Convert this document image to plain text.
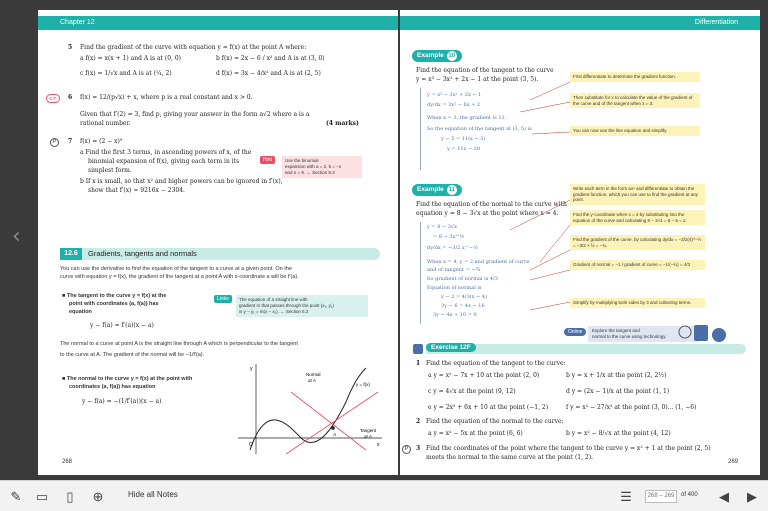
‹
Chapter 12
5 Find the gradient of the curve with equation y = f(x) at the point A where:
a f(x) = x(x + 1) and A is at (0, 0)	b f(x) = 2x − 6 / x² and A is at (3, 0)
c f(x) = 1/√x and A is at (¼, 2)	d f(x) = 3x − 4/x² and A is at (2, 5)
E/P	6 f(x) = 12/(p√x) + x, where p is a real constant and x > 0.
Given that f′(2) = 3, find p, giving your answer in the form a√2 where a is a
rational number.	(4 marks)
P	7 f(x) = (2 − x)⁹
a Find the first 3 terms, in ascending powers of x, of the
binomial expansion of f(x), giving each term in its
simplest form.
b If x is small, so that x² and higher powers can be ignored in f′(x),
show that f′(x) ≈ 9216x − 2304.
Hint	Use the binomial
expansion with a = 2, b = −x
and n = 9. ← Section 8.3
12.6	Gradients, tangents and normals
You can use the derivative to find the equation of the tangent to a curve at a given point. On the
curve with equation y = f(x), the gradient of the tangent at a point A with x-coordinate a will be f′(a).
■ The tangent to the curve y = f(x) at the
point with coordinates (a, f(a)) has
equation
y − f(a) = f′(a)(x − a)
Links	The equation of a straight line with
gradient m that passes through the point (x₁, y₁)
is y − y₁ = m(x − x₁). ← Section 5.2
The normal to a curve at point A is the straight line through A which is perpendicular to the tangent
to the curve at A. The gradient of the normal will be −1/f′(a).
■ The normal to the curve y = f(x) at the point with
coordinates (a, f(a)) has equation
y − f(a) = −(1/f′(a))(x − a)
y
x
O
y = f(x)
Normal
at A
Tangent
at A
A
268
Differentiation
Example 10
Find the equation of the tangent to the curve
y = x³ − 3x² + 2x − 1 at the point (3, 5).
y = x³ − 3x² + 2x − 1
dy/dx = 3x² − 6x + 2
When x = 3, the gradient is 11.
So the equation of the tangent at (3, 5) is
y − 5 = 11(x − 3)
y = 11x − 28
First differentiate to determine the gradient function.
Then substitute for x to calculate the value of the gradient of the curve and of the tangent when x = 3.
You can now use the line equation and simplify.
Example 11
Find the equation of the normal to the curve with
equation y = 8 − 3√x at the point where x = 4.
y = 8 − 3√x
= 8 − 3x^½
dy/dx = −3/2 x^−½
When x = 4, y = 2 and gradient of curve
and of tangent = −¾
So gradient of normal is 4/3
Equation of normal is
y − 2 = 4/3(x − 4)
3y − 6 = 4x − 16
3y − 4x + 10 = 0
Write each term in the form axⁿ and differentiate to obtain the gradient function, which you can use to find the gradient at any point.
Find the y-coordinate when x = 4 by substituting into the equation of the curve and calculating 8 − 3√4 = 8 − 6 = 2.
Find the gradient of the curve, by calculating dy/dx = −3/2(4)^−½ = −3/2 × ½ = −¾.
Gradient of normal = −1 / gradient of curve = −1/(−¾) = 4/3
Simplify by multiplying both sides by 3 and collecting terms.
Online	Explore the tangent and
normal to the curve using technology.
Exercise 12F
1 Find the equation of the tangent to the curve:
a y = x² − 7x + 10 at the point (2, 0)	b y = x + 1/x at the point (2, 2½)
c y = 4√x at the point (9, 12)	d y = (2x − 1)/x at the point (1, 1)
e y = 2x³ + 6x + 10 at the point (−1, 2)	f y = x² − 27/x² at the point (3, 0)... (1, −6)
2 Find the equation of the normal to the curve:
a y = x² − 5x at the point (6, 6)	b y = x² − 8/√x at the point (4, 12)
P	3 Find the coordinates of the point where the tangent to the curve y = x² + 1 at the point (2, 5)
meets the normal to the same curve at the point (1, 2).
269
✎ ▭	▯	⊕	Hide all Notes	☰	268 – 269	of 400 ◀ ▶
